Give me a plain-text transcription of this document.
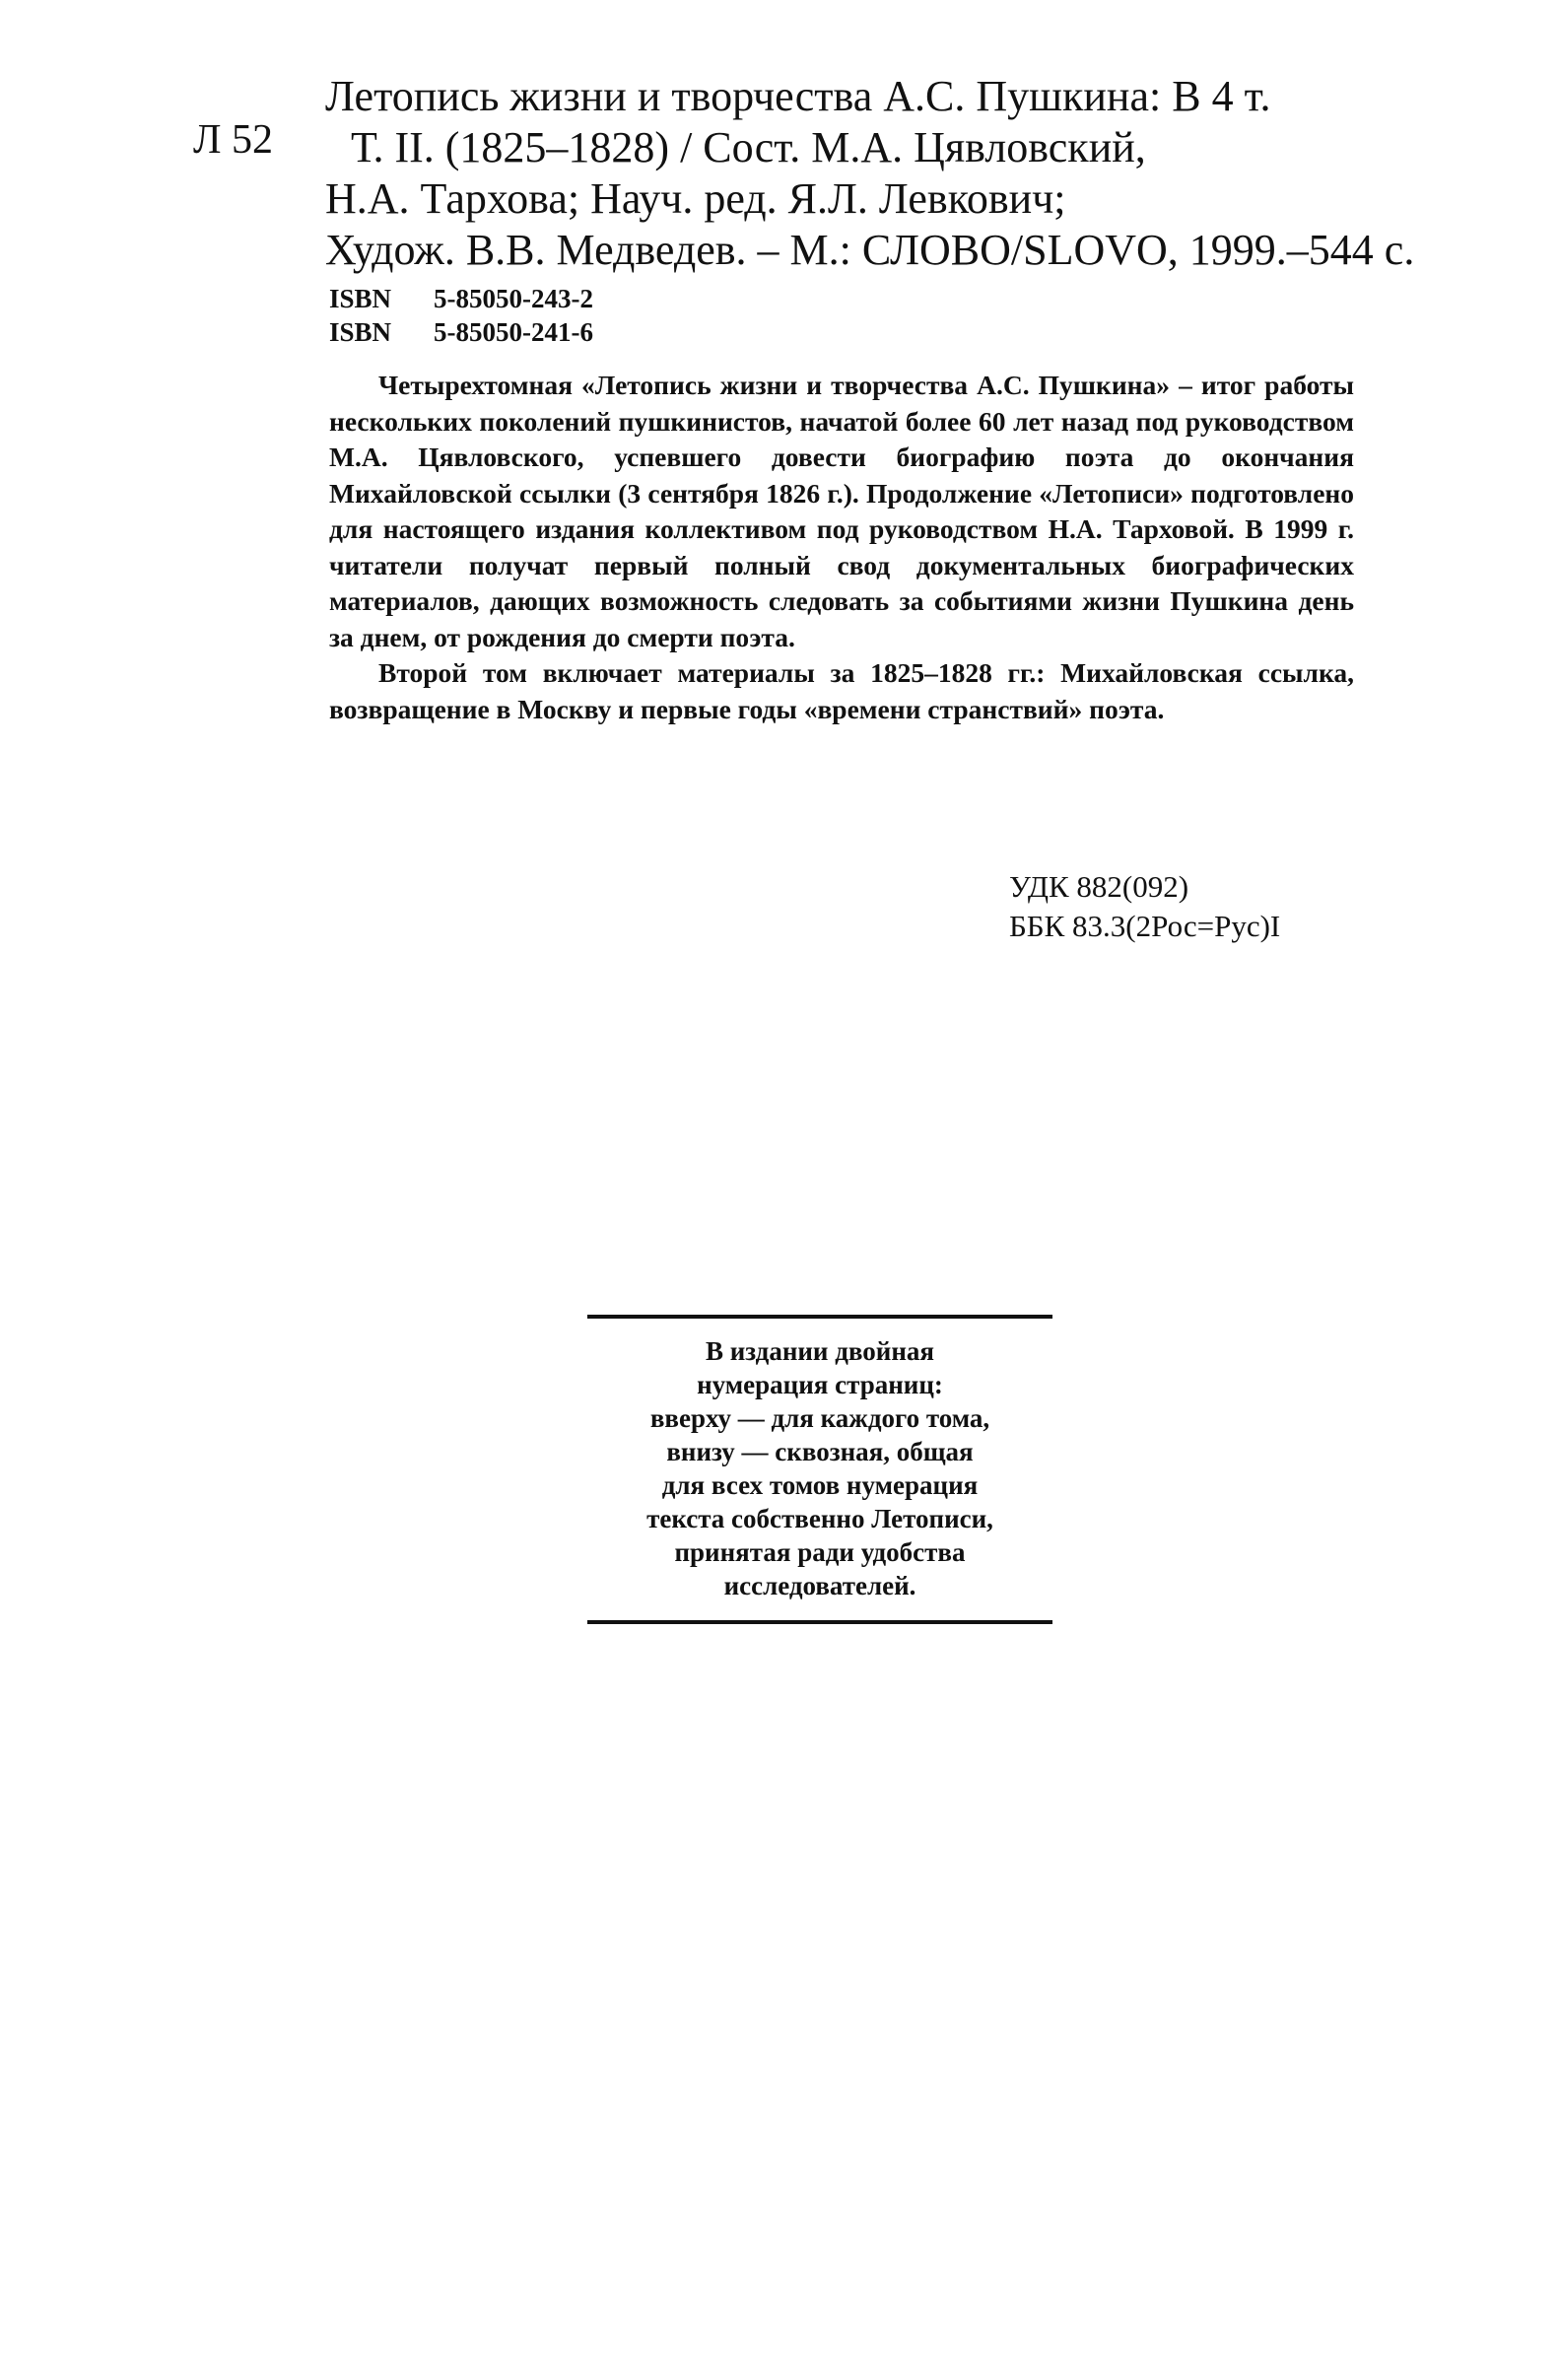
Л 52
Летопись жизни и творчества А.С. Пушкина: В 4 т.
Т. II. (1825–1828) / Сост. М.А. Цявловский,
Н.А. Тархова; Науч. ред. Я.Л. Левкович;
Худож. В.В. Медведев. – М.: СЛОВО/SLOVO, 1999.–544 с.
ISBN 5-85050-243-2
ISBN 5-85050-241-6

Четырехтомная «Летопись жизни и творчества А.С. Пушкина» – итог работы нескольких поколений пушкинистов, начатой более 60 лет назад под руководством М.А. Цявловского, успевшего довести биографию поэта до окончания Михайловской ссылки (3 сентября 1826 г.). Продолжение «Летописи» подготовлено для настоящего издания коллективом под руководством Н.А. Тарховой. В 1999 г. читатели получат первый полный свод документальных биографических материалов, дающих возможность следовать за событиями жизни Пушкина день за днем, от рождения до смерти поэта.

Второй том включает материалы за 1825–1828 гг.: Михайловская ссылка, возвращение в Москву и первые годы «времени странствий» поэта.

УДК 882(092)
ББК 83.3(2Рос=Рус)I
В издании двойная
нумерация страниц:
вверху — для каждого тома,
внизу — сквозная, общая
для всех томов нумерация
текста собственно Летописи,
принятая ради удобства
исследователей.
